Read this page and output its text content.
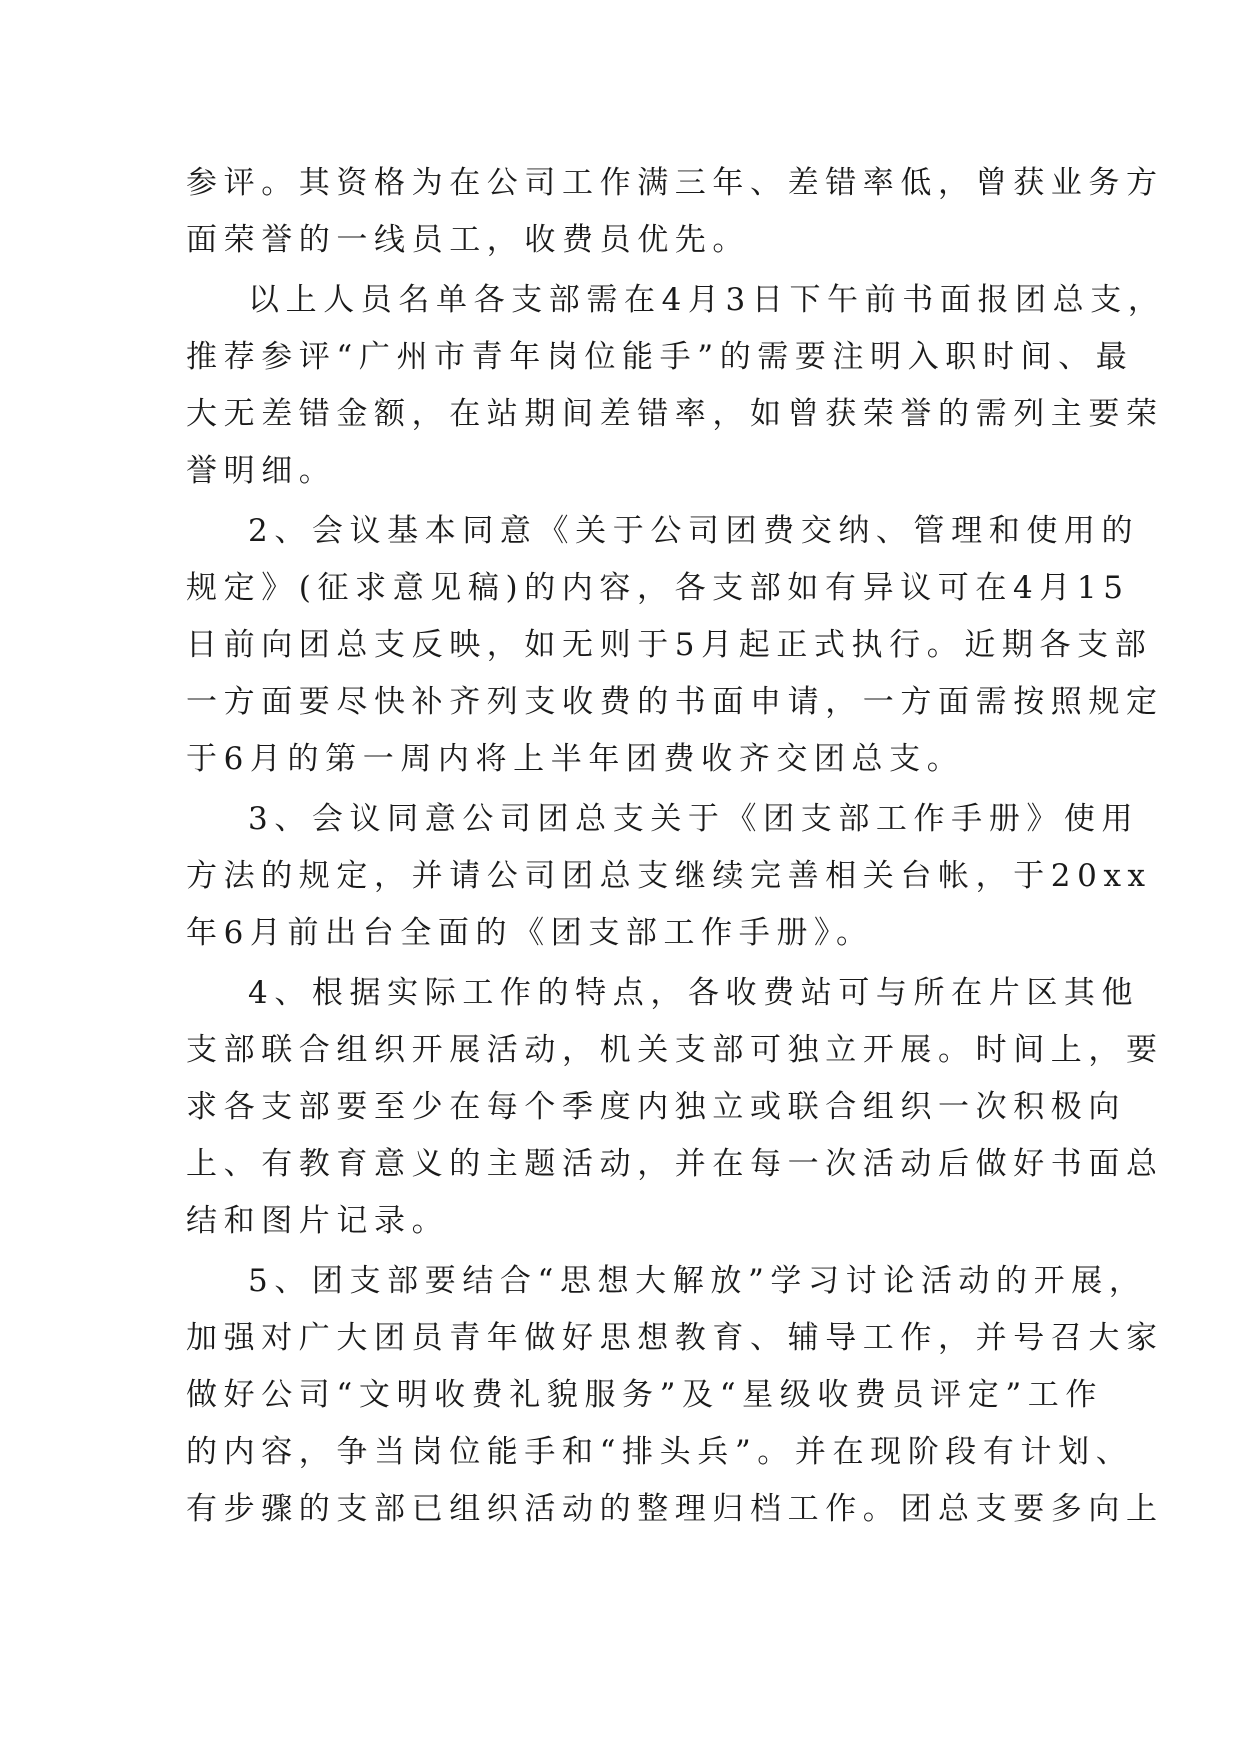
参评。其资格为在公司工作满三年、差错率低，曾获业务方
面荣誉的一线员工，收费员优先。
以上人员名单各支部需在4月3日下午前书面报团总支，
推荐参评“广州市青年岗位能手”的需要注明入职时间、最
大无差错金额，在站期间差错率，如曾获荣誉的需列主要荣
誉明细。
2、会议基本同意《关于公司团费交纳、管理和使用的
规定》(征求意见稿)的内容，各支部如有异议可在4月15
日前向团总支反映，如无则于5月起正式执行。近期各支部
一方面要尽快补齐列支收费的书面申请，一方面需按照规定
于6月的第一周内将上半年团费收齐交团总支。
3、会议同意公司团总支关于《团支部工作手册》使用
方法的规定，并请公司团总支继续完善相关台帐，于20xx
年6月前出台全面的《团支部工作手册》。
4、根据实际工作的特点，各收费站可与所在片区其他
支部联合组织开展活动，机关支部可独立开展。时间上，要
求各支部要至少在每个季度内独立或联合组织一次积极向
上、有教育意义的主题活动，并在每一次活动后做好书面总
结和图片记录。
5、团支部要结合“思想大解放”学习讨论活动的开展，
加强对广大团员青年做好思想教育、辅导工作，并号召大家
做好公司“文明收费礼貌服务”及“星级收费员评定”工作
的内容，争当岗位能手和“排头兵”。并在现阶段有计划、
有步骤的支部已组织活动的整理归档工作。团总支要多向上
